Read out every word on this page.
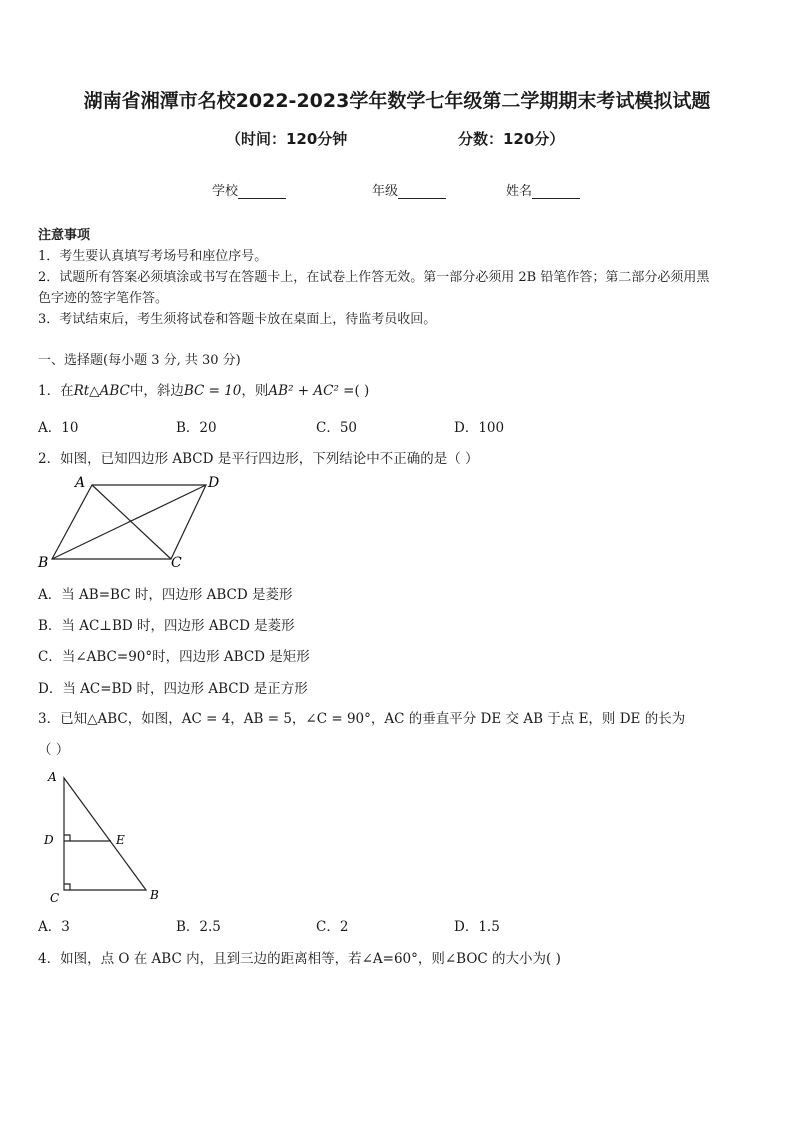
湖南省湘潭市名校2022-2023学年数学七年级第二学期期末考试模拟试题
（时间：120分钟	分数：120分）
学校	年级	姓名
注意事项
1．考生要认真填写考场号和座位序号。
2．试题所有答案必须填涂或书写在答题卡上，在试卷上作答无效。第一部分必须用 2B 铅笔作答；第二部分必须用黑
色字迹的签字笔作答。
3．考试结束后，考生须将试卷和答题卡放在桌面上，待监考员收回。
一、选择题(每小题 3 分, 共 30 分)
1．在Rt△ABC中，斜边BC = 10，则AB² + AC² =( )
A．10	B．20	C．50	D．100
2．如图，已知四边形 ABCD 是平行四边形，下列结论中不正确的是（ ）
A	D
B	C
A．当 AB=BC 时，四边形 ABCD 是菱形
B．当 AC⊥BD 时，四边形 ABCD 是菱形
C．当∠ABC=90°时，四边形 ABCD 是矩形
D．当 AC=BD 时，四边形 ABCD 是正方形
3．已知△ABC，如图，AC = 4，AB = 5，∠C = 90°，AC 的垂直平分 DE 交 AB 于点 E，则 DE 的长为
（ ）
A
D	E
C	B
A．3	B．2.5	C．2	D．1.5
4．如图，点 O 在 ABC 内，且到三边的距离相等，若∠A=60°，则∠BOC 的大小为( )
